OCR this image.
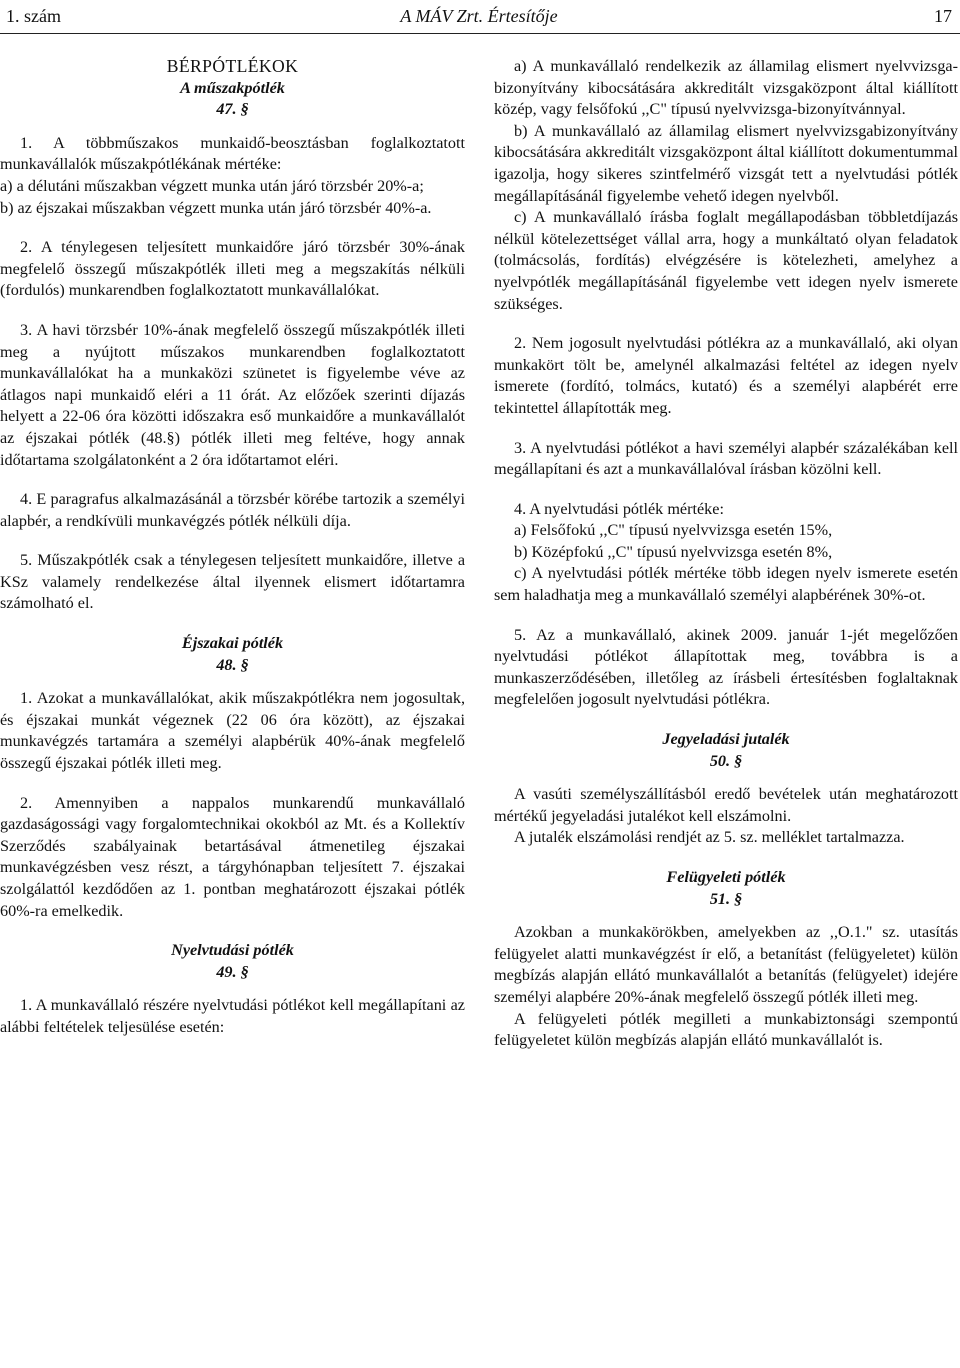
1. szám	A MÁV Zrt. Értesítője	17
BÉRPÓTLÉKOK
A műszakpótlék
47. §

1. A többműszakos munkaidő-beosztásban foglalkoztatott munkavállalók műszakpótlékának mértéke:

a) a délutáni műszakban végzett munka után járó törzsbér 20%-a;

b) az éjszakai műszakban végzett munka után járó törzsbér 40%-a.

2. A ténylegesen teljesített munkaidőre járó törzsbér 30%-ának megfelelő összegű műszakpótlék illeti meg a megszakítás nélküli (fordulós) munkarendben foglalkoztatott munkavállalókat.

3. A havi törzsbér 10%-ának megfelelő összegű műszakpótlék illeti meg a nyújtott műszakos munkarendben foglalkoztatott munkavállalókat ha a munkaközi szünetet is figyelembe véve az átlagos napi munkaidő eléri a 11 órát. Az előzőek szerinti díjazás helyett a 22-06 óra közötti időszakra eső munkaidőre a munkavállalót az éjszakai pótlék (48.§) pótlék illeti meg feltéve, hogy annak időtartama szolgálatonként a 2 óra időtartamot eléri.

4. E paragrafus alkalmazásánál a törzsbér körébe tartozik a személyi alapbér, a rendkívüli munkavégzés pótlék nélküli díja.

5. Műszakpótlék csak a ténylegesen teljesített munkaidőre, illetve a KSz valamely rendelkezése által ilyennek elismert időtartamra számolható el.

Éjszakai pótlék
48. §

1. Azokat a munkavállalókat, akik műszakpótlékra nem jogosultak, és éjszakai munkát végeznek (22 06 óra között), az éjszakai munkavégzés tartamára a személyi alapbérük 40%-ának megfelelő összegű éjszakai pótlék illeti meg.

2. Amennyiben a nappalos munkarendű munkavállaló gazdaságossági vagy forgalomtechnikai okokból az Mt. és a Kollektív Szerződés szabályainak betartásával átmenetileg éjszakai munkavégzésben vesz részt, a tárgyhónapban teljesített 7. éjszakai szolgálattól kezdődően az 1. pontban meghatározott éjszakai pótlék 60%-ra emelkedik.

Nyelvtudási pótlék
49. §

1. A munkavállaló részére nyelvtudási pótlékot kell megállapítani az alábbi feltételek teljesülése esetén:

a) A munkavállaló rendelkezik az államilag elismert nyelvvizsga-bizonyítvány kibocsátására akkreditált vizsgaközpont által kiállított közép, vagy felsőfokú ,,C" típusú nyelvvizsga-bizonyítvánnyal.

b) A munkavállaló az államilag elismert nyelvvizsgabizonyítvány kibocsátására akkreditált vizsgaközpont által kiállított dokumentummal igazolja, hogy sikeres szintfelmérő vizsgát tett a nyelvtudási pótlék megállapításánál figyelembe vehető idegen nyelvből.

c) A munkavállaló írásba foglalt megállapodásban többletdíjazás nélkül kötelezettséget vállal arra, hogy a munkáltató olyan feladatok (tolmácsolás, fordítás) elvégzésére is kötelezheti, amelyhez a nyelvpótlék megállapításánál figyelembe vett idegen nyelv ismerete szükséges.

2. Nem jogosult nyelvtudási pótlékra az a munkavállaló, aki olyan munkakört tölt be, amelynél alkalmazási feltétel az idegen nyelv ismerete (fordító, tolmács, kutató) és a személyi alapbérét erre tekintettel állapították meg.

3. A nyelvtudási pótlékot a havi személyi alapbér százalékában kell megállapítani és azt a munkavállalóval írásban közölni kell.

4. A nyelvtudási pótlék mértéke:

a) Felsőfokú ,,C" típusú nyelvvizsga esetén 15%,

b) Középfokú ,,C" típusú nyelvvizsga esetén 8%,

c) A nyelvtudási pótlék mértéke több idegen nyelv ismerete esetén sem haladhatja meg a munkavállaló személyi alapbérének 30%-ot.

5. Az a munkavállaló, akinek 2009. január 1-jét megelőzően nyelvtudási pótlékot állapítottak meg, továbbra is a munkaszerződésében, illetőleg az írásbeli értesítésben foglaltaknak megfelelően jogosult nyelvtudási pótlékra.

Jegyeladási jutalék
50. §

A vasúti személyszállításból eredő bevételek után meghatározott mértékű jegyeladási jutalékot kell elszámolni.

A jutalék elszámolási rendjét az 5. sz. melléklet tartalmazza.

Felügyeleti pótlék
51. §

Azokban a munkakörökben, amelyekben az ,,O.1." sz. utasítás felügyelet alatti munkavégzést ír elő, a betanítást (felügyeletet) külön megbízás alapján ellátó munkavállalót a betanítás (felügyelet) idejére személyi alapbére 20%-ának megfelelő összegű pótlék illeti meg.

A felügyeleti pótlék megilleti a munkabiztonsági szempontú felügyeletet külön megbízás alapján ellátó munkavállalót is.
